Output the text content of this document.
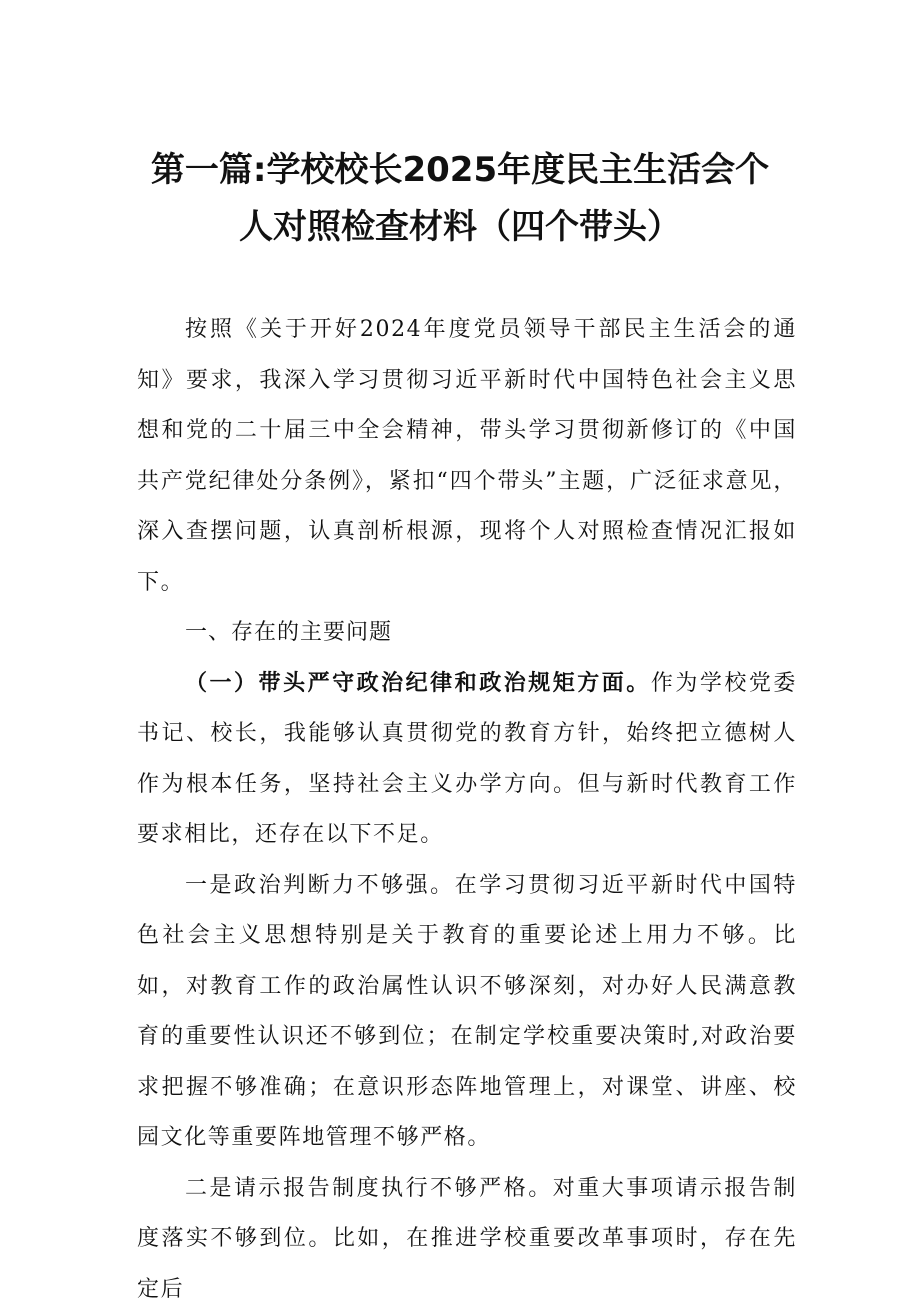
第一篇:学校校长2025年度民主生活会个
人对照检查材料（四个带头）

按照《关于开好2024年度党员领导干部民主生活会的通知》要求，我深入学习贯彻习近平新时代中国特色社会主义思想和党的二十届三中全会精神，带头学习贯彻新修订的《中国共产党纪律处分条例》，紧扣“四个带头”主题，广泛征求意见，深入查摆问题，认真剖析根源，现将个人对照检查情况汇报如下。

一、存在的主要问题

（一）带头严守政治纪律和政治规矩方面。作为学校党委书记、校长，我能够认真贯彻党的教育方针，始终把立德树人作为根本任务，坚持社会主义办学方向。但与新时代教育工作要求相比，还存在以下不足。

一是政治判断力不够强。在学习贯彻习近平新时代中国特色社会主义思想特别是关于教育的重要论述上用力不够。比如，对教育工作的政治属性认识不够深刻，对办好人民满意教育的重要性认识还不够到位；在制定学校重要决策时,对政治要求把握不够准确；在意识形态阵地管理上，对课堂、讲座、校园文化等重要阵地管理不够严格。

二是请示报告制度执行不够严格。对重大事项请示报告制度落实不够到位。比如，在推进学校重要改革事项时，存在先定后
